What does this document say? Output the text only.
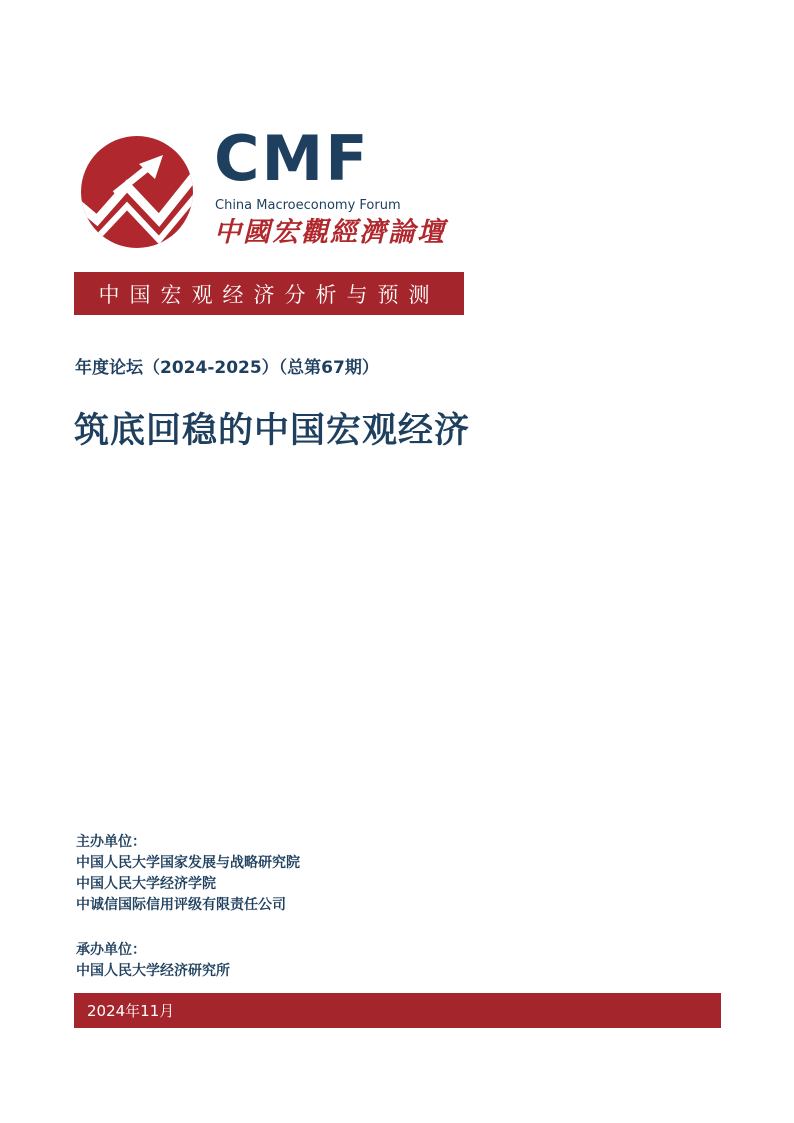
CMF
China Macroeconomy Forum
中國宏觀經濟論壇
中国宏观经济分析与预测
年度论坛（2024-2025）（总第67期）
筑底回稳的中国宏观经济
主办单位：
中国人民大学国家发展与战略研究院
中国人民大学经济学院
中诚信国际信用评级有限责任公司
承办单位：
中国人民大学经济研究所
2024年11月
